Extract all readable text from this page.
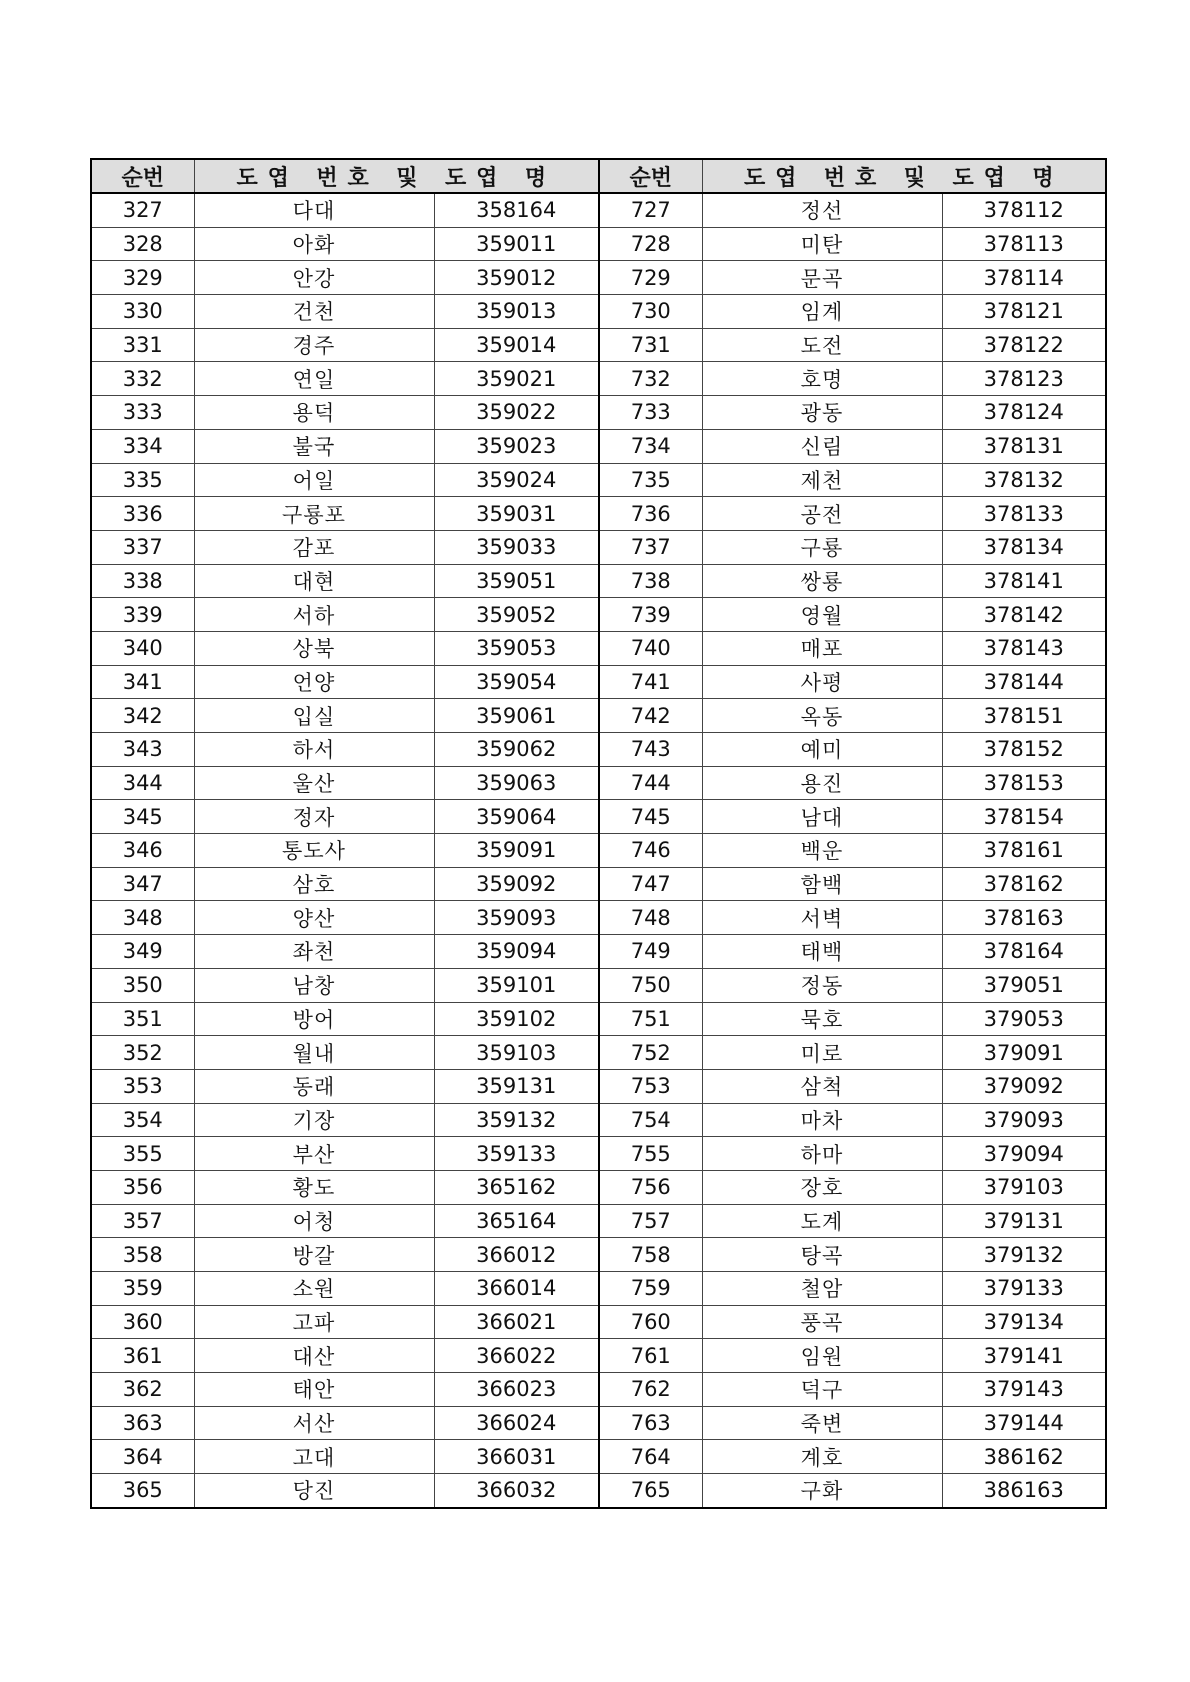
순번	도엽 번호 및 도엽 명		순번	도엽 번호 및 도엽 명	
327	다대	358164	727	정선	378112
328	아화	359011	728	미탄	378113
329	안강	359012	729	문곡	378114
330	건천	359013	730	임계	378121
331	경주	359014	731	도전	378122
332	연일	359021	732	호명	378123
333	용덕	359022	733	광동	378124
334	불국	359023	734	신림	378131
335	어일	359024	735	제천	378132
336	구룡포	359031	736	공전	378133
337	감포	359033	737	구룡	378134
338	대현	359051	738	쌍룡	378141
339	서하	359052	739	영월	378142
340	상북	359053	740	매포	378143
341	언양	359054	741	사평	378144
342	입실	359061	742	옥동	378151
343	하서	359062	743	예미	378152
344	울산	359063	744	용진	378153
345	정자	359064	745	남대	378154
346	통도사	359091	746	백운	378161
347	삼호	359092	747	함백	378162
348	양산	359093	748	서벽	378163
349	좌천	359094	749	태백	378164
350	남창	359101	750	정동	379051
351	방어	359102	751	묵호	379053
352	월내	359103	752	미로	379091
353	동래	359131	753	삼척	379092
354	기장	359132	754	마차	379093
355	부산	359133	755	하마	379094
356	황도	365162	756	장호	379103
357	어청	365164	757	도계	379131
358	방갈	366012	758	탕곡	379132
359	소원	366014	759	철암	379133
360	고파	366021	760	풍곡	379134
361	대산	366022	761	임원	379141
362	태안	366023	762	덕구	379143
363	서산	366024	763	죽변	379144
364	고대	366031	764	계호	386162
365	당진	366032	765	구화	386163
